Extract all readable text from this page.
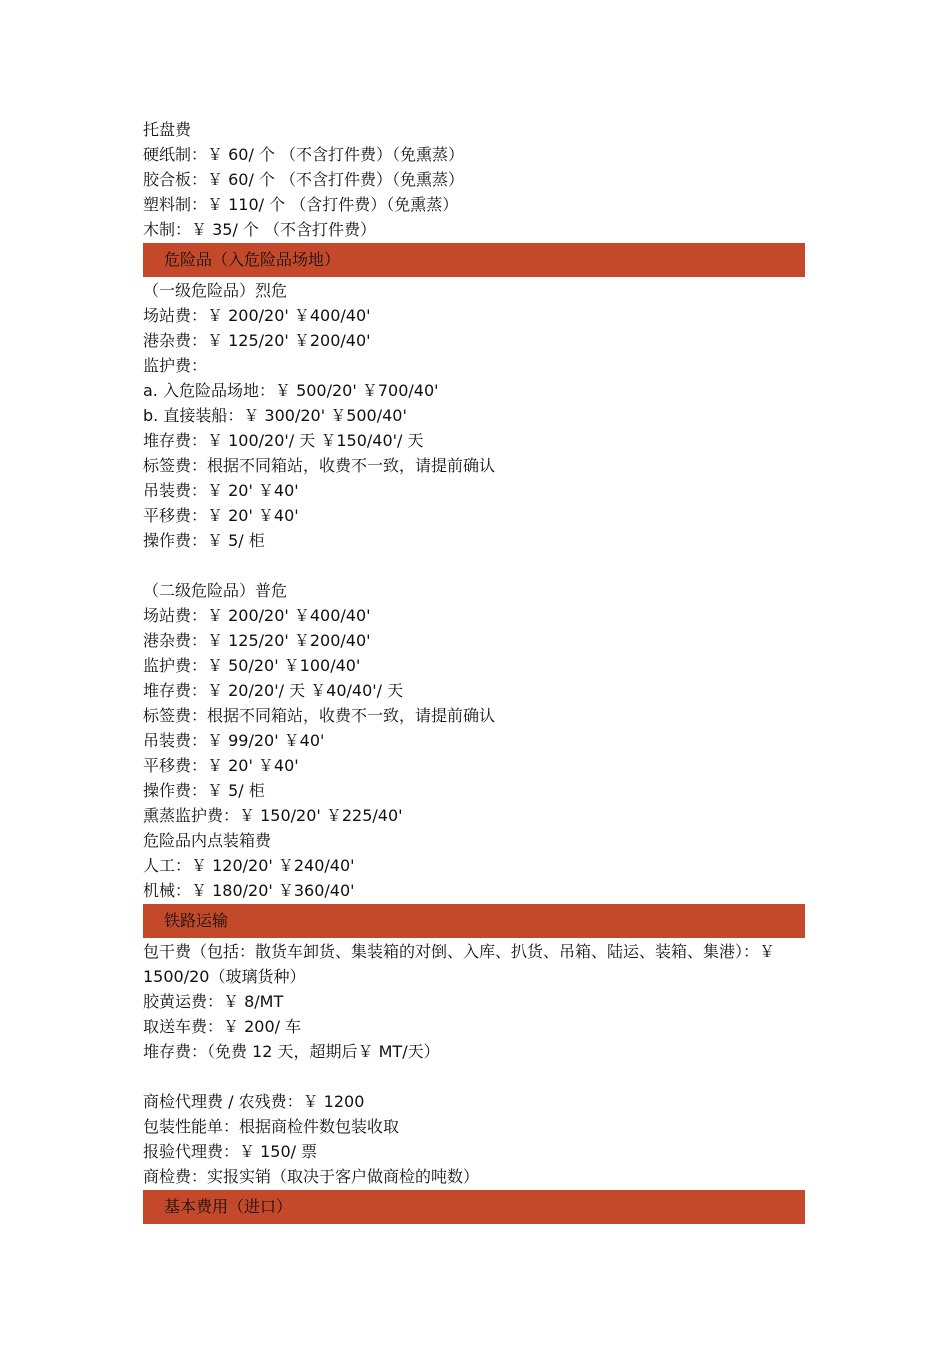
托盘费
硬纸制：￥ 60/ 个 （不含打件费）（免熏蒸）
胶合板：￥ 60/ 个 （不含打件费）（免熏蒸）
塑料制：￥ 110/ 个 （含打件费）（免熏蒸）
木制：￥ 35/ 个 （不含打件费）
危险品（入危险品场地）
（一级危险品）烈危
场站费：￥ 200/20' ￥400/40'
港杂费：￥ 125/20' ￥200/40'
监护费：
a. 入危险品场地：￥ 500/20' ￥700/40'
b. 直接装船：￥ 300/20' ￥500/40'
堆存费：￥ 100/20'/ 天 ￥150/40'/ 天
标签费：根据不同箱站，收费不一致，请提前确认
吊装费：￥ 20' ￥40'
平移费：￥ 20' ￥40'
操作费：￥ 5/ 柜
（二级危险品）普危
场站费：￥ 200/20' ￥400/40'
港杂费：￥ 125/20' ￥200/40'
监护费：￥ 50/20' ￥100/40'
堆存费：￥ 20/20'/ 天 ￥40/40'/ 天
标签费：根据不同箱站，收费不一致，请提前确认
吊装费：￥ 99/20' ￥40'
平移费：￥ 20' ￥40'
操作费：￥ 5/ 柜
熏蒸监护费：￥ 150/20' ￥225/40'
危险品内点装箱费
人工：￥ 120/20' ￥240/40'
机械：￥ 180/20' ￥360/40'
铁路运输
包干费（包括：散货车卸货、集装箱的对倒、入库、扒货、吊箱、陆运、装箱、集港）：￥ 1500/20（玻璃货种）
胶黄运费：￥ 8/MT
取送车费：￥ 200/ 车
堆存费：（免费 12 天，超期后￥ MT/天）
商检代理费 / 农残费：￥ 1200
包装性能单：根据商检件数包装收取
报验代理费：￥ 150/ 票
商检费：实报实销（取决于客户做商检的吨数）
基本费用（进口）
